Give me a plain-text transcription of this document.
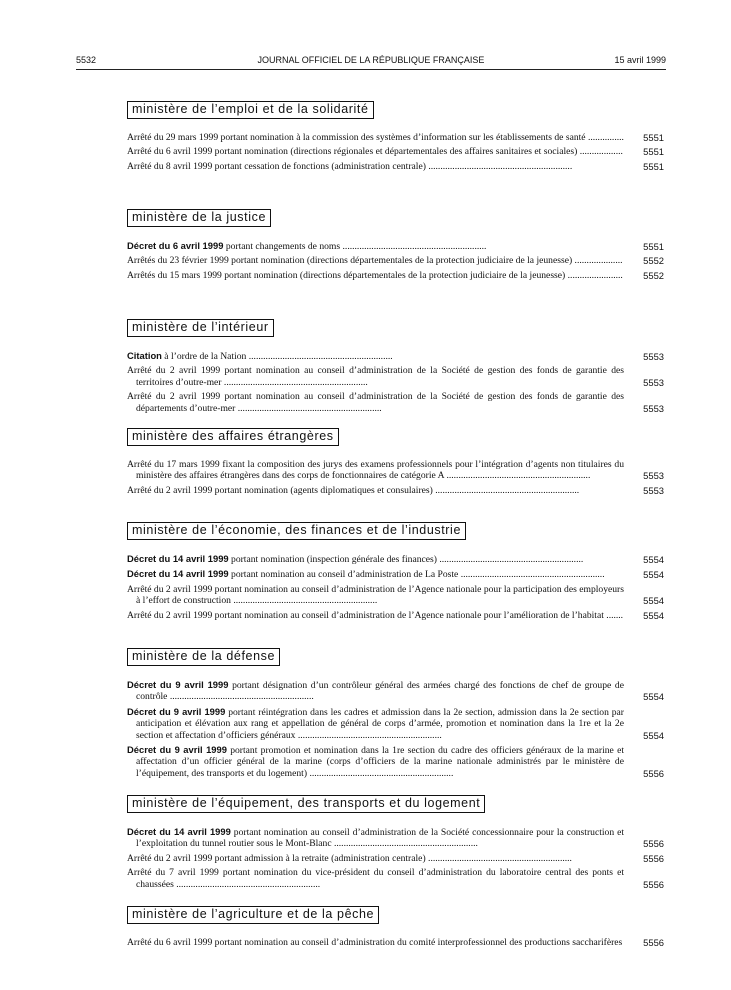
5532	JOURNAL OFFICIEL DE LA RÉPUBLIQUE FRANÇAISE	15 avril 1999
ministère de l’emploi et de la solidarité
Arrêté du 29 mars 1999 portant nomination à la commission des systèmes d’information sur les établissements de santé ............... 5551
Arrêté du 6 avril 1999 portant nomination (directions régionales et départementales des affaires sanitaires et sociales) .................. 5551
Arrêté du 8 avril 1999 portant cessation de fonctions (administration centrale) ............................................................	5551
ministère de la justice
Décret du 6 avril 1999 portant changements de noms ............................................................	5551
Arrêtés du 23 février 1999 portant nomination (directions départementales de la protection judiciaire de la jeunesse) .................... 5552
Arrêtés du 15 mars 1999 portant nomination (directions départementales de la protection judiciaire de la jeunesse) ....................... 5552
ministère de l’intérieur
Citation à l’ordre de la Nation ............................................................	5553
Arrêté du 2 avril 1999 portant nomination au conseil d’administration de la Société de gestion des fonds de garantie des territoires d’outre-mer ............................................................	5553
Arrêté du 2 avril 1999 portant nomination au conseil d’administration de la Société de gestion des fonds de garantie des départements d’outre-mer ............................................................	5553
ministère des affaires étrangères
Arrêté du 17 mars 1999 fixant la composition des jurys des examens professionnels pour l’intégration d’agents non titulaires du ministère des affaires étrangères dans des corps de fonctionnaires de catégorie A ............................................................	5553
Arrêté du 2 avril 1999 portant nomination (agents diplomatiques et consulaires) ............................................................	5553
ministère de l’économie, des finances et de l’industrie
Décret du 14 avril 1999 portant nomination (inspection générale des finances) ............................................................	5554
Décret du 14 avril 1999 portant nomination au conseil d’administration de La Poste ............................................................	5554
Arrêté du 2 avril 1999 portant nomination au conseil d’administration de l’Agence nationale pour la participation des employeurs à l’effort de construction ............................................................	5554
Arrêté du 2 avril 1999 portant nomination au conseil d’administration de l’Agence nationale pour l’amélioration de l’habitat ....... 5554
ministère de la défense
Décret du 9 avril 1999 portant désignation d’un contrôleur général des armées chargé des fonctions de chef de groupe de contrôle ............................................................	5554
Décret du 9 avril 1999 portant réintégration dans les cadres et admission dans la 2e section, admission dans la 2e section par anticipation et élévation aux rang et appellation de général de corps d’armée, promotion et nomination dans la 1re et la 2e section et affectation d’officiers généraux ............................................................	5554
Décret du 9 avril 1999 portant promotion et nomination dans la 1re section du cadre des officiers généraux de la marine et affectation d’un officier général de la marine (corps d’officiers de la marine nationale administrés par le ministère de l’équipement, des transports et du logement) ............................................................	5556
ministère de l’équipement, des transports et du logement
Décret du 14 avril 1999 portant nomination au conseil d’administration de la Société concessionnaire pour la construction et l’exploitation du tunnel routier sous le Mont-Blanc ............................................................	5556
Arrêté du 2 avril 1999 portant admission à la retraite (administration centrale) ............................................................	5556
Arrêté du 7 avril 1999 portant nomination du vice-président du conseil d’administration du laboratoire central des ponts et chaussées ............................................................	5556
ministère de l’agriculture et de la pêche
Arrêté du 6 avril 1999 portant nomination au conseil d’administration du comité interprofessionnel des productions saccharifères 5556
